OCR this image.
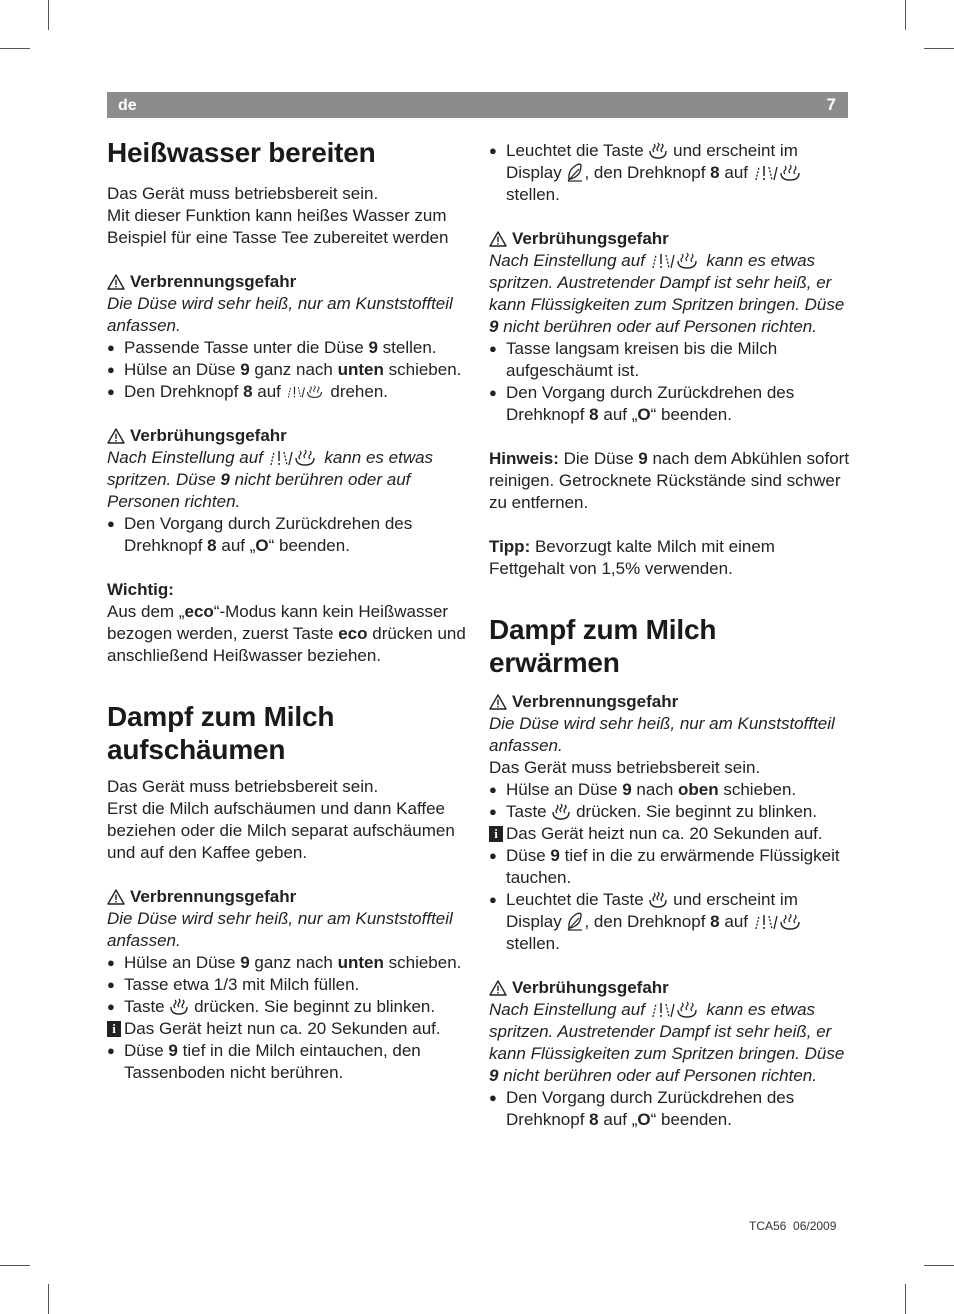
de	7
Heißwasser bereiten

Das Gerät muss betriebsbereit sein.

Mit dieser Funktion kann heißes Wasser zum Beispiel für eine Tasse Tee zubereitet werden

Verbrennungsgefahr

Die Düse wird sehr heiß, nur am Kunststoffteil anfassen.

● Passende Tasse unter die Düse 9 stellen.
● Hülse an Düse 9 ganz nach unten schieben.
● Den Drehknopf 8 auf  drehen.
Verbrühungsgefahr

Nach Einstellung auf	kann es etwas spritzen. Düse 9 nicht berühren oder auf Personen richten.

● Den Vorgang durch Zurückdrehen des Drehknopf 8 auf „O“ beenden.

Wichtig:

Aus dem „eco“-Modus kann kein Heißwasser bezogen werden, zuerst Taste eco drücken und anschließend Heißwasser beziehen.

Dampf zum Milch aufschäumen

Das Gerät muss betriebsbereit sein.

Erst die Milch aufschäumen und dann Kaffee beziehen oder die Milch separat aufschäumen und auf den Kaffee geben.

Verbrennungsgefahr

Die Düse wird sehr heiß, nur am Kunststoffteil anfassen.

● Hülse an Düse 9 ganz nach unten schieben.
● Tasse etwa 1/3 mit Milch füllen.
● Taste  drücken. Sie beginnt zu blinken.
i Das Gerät heizt nun ca. 20 Sekunden auf.
● Düse 9 tief in die Milch eintauchen, den Tassenboden nicht berühren.
● Leuchtet die Taste  und erscheint im Display , den Drehknopf 8 auf  stellen.
Verbrühungsgefahr

Nach Einstellung auf	kann es etwas spritzen. Austretender Dampf ist sehr heiß, er kann Flüssigkeiten zum Spritzen bringen. Düse 9 nicht berühren oder auf Personen richten.

● Tasse langsam kreisen bis die Milch aufgeschäumt ist.
● Den Vorgang durch Zurückdrehen des Drehknopf 8 auf „O“ beenden.

Hinweis: Die Düse 9 nach dem Abkühlen sofort reinigen. Getrocknete Rückstände sind schwer zu entfernen.

Tipp: Bevorzugt kalte Milch mit einem Fettgehalt von 1,5% verwenden.

Dampf zum Milch erwärmen
Verbrennungsgefahr

Die Düse wird sehr heiß, nur am Kunststoffteil anfassen.

Das Gerät muss betriebsbereit sein.

● Hülse an Düse 9 nach oben schieben.
● Taste  drücken. Sie beginnt zu blinken.
i Das Gerät heizt nun ca. 20 Sekunden auf.
● Düse 9 tief in die zu erwärmende Flüssigkeit tauchen.
● Leuchtet die Taste  und erscheint im Display , den Drehknopf 8 auf  stellen.
Verbrühungsgefahr

Nach Einstellung auf	kann es etwas spritzen. Austretender Dampf ist sehr heiß, er kann Flüssigkeiten zum Spritzen bringen. Düse 9 nicht berühren oder auf Personen richten.

● Den Vorgang durch Zurückdrehen des Drehknopf 8 auf „O“ beenden.
TCA56 06/2009
